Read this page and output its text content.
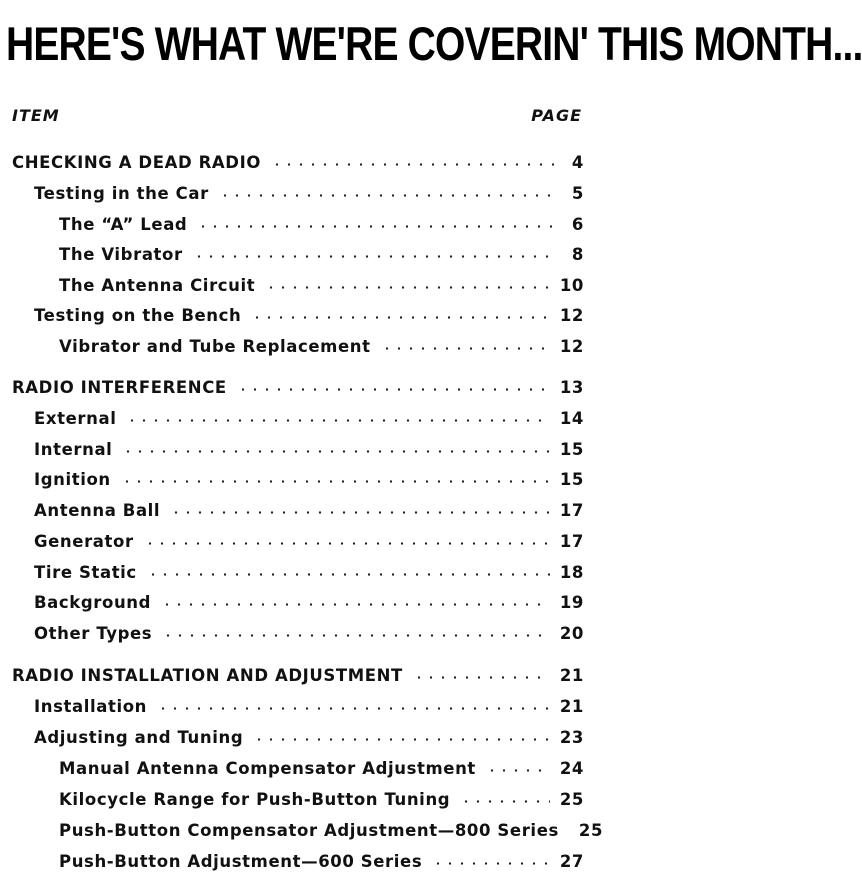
HERE'S WHAT WE'RE COVERIN' THIS MONTH...
ITEM	PAGE
CHECKING A DEAD RADIO	4
Testing in the Car	5
The “A” Lead	6
The Vibrator	8
The Antenna Circuit	10
Testing on the Bench	12
Vibrator and Tube Replacement	12
RADIO INTERFERENCE	13
External	14
Internal	15
Ignition	15
Antenna Ball	17
Generator	17
Tire Static	18
Background	19
Other Types	20
RADIO INSTALLATION AND ADJUSTMENT	21
Installation	21
Adjusting and Tuning	23
Manual Antenna Compensator Adjustment	24
Kilocycle Range for Push-Button Tuning	25
Push-Button Compensator Adjustment—800 Series 25
Push-Button Adjustment—600 Series	27
